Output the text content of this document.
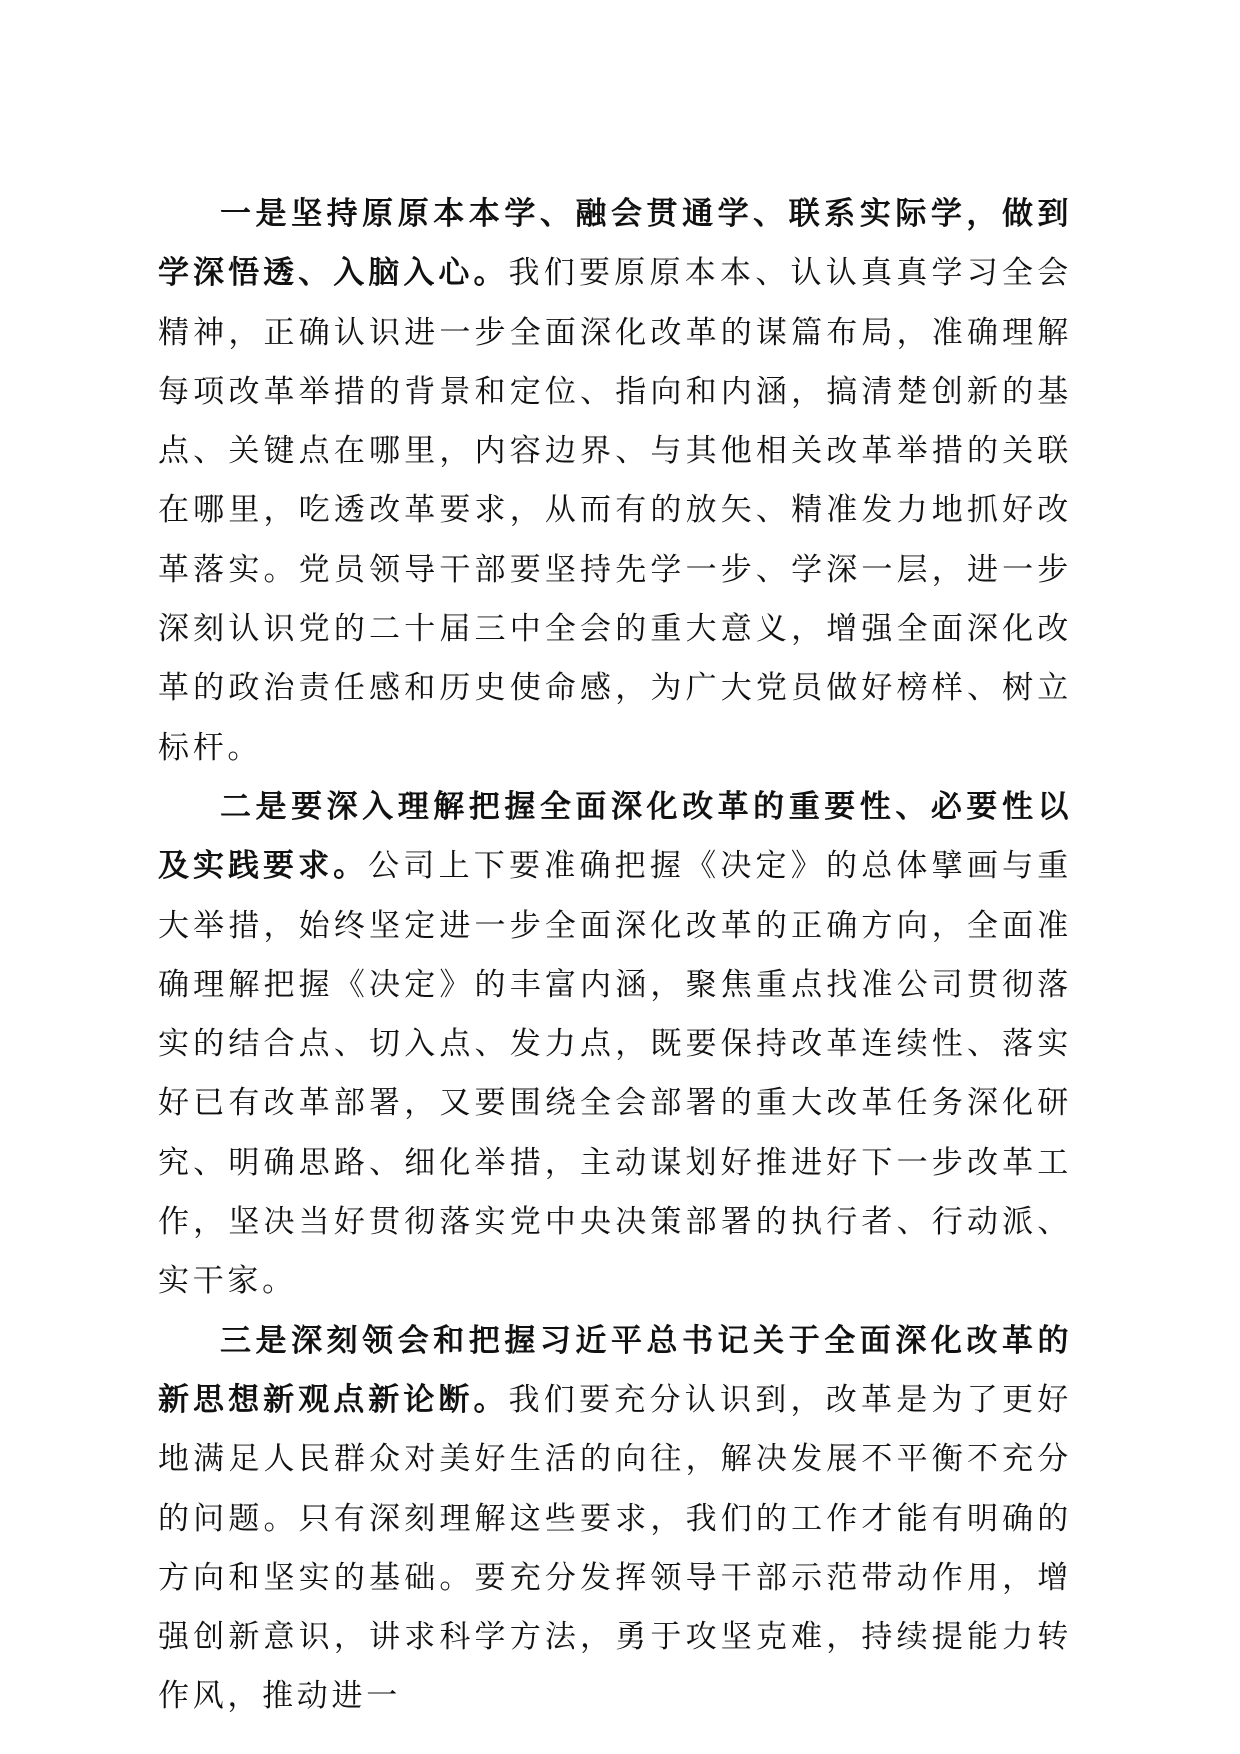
一是坚持原原本本学、融会贯通学、联系实际学，做到学深悟透、入脑入心。我们要原原本本、认认真真学习全会精神，正确认识进一步全面深化改革的谋篇布局，准确理解每项改革举措的背景和定位、指向和内涵，搞清楚创新的基点、关键点在哪里，内容边界、与其他相关改革举措的关联在哪里，吃透改革要求，从而有的放矢、精准发力地抓好改革落实。党员领导干部要坚持先学一步、学深一层，进一步深刻认识党的二十届三中全会的重大意义，增强全面深化改革的政治责任感和历史使命感，为广大党员做好榜样、树立标杆。

二是要深入理解把握全面深化改革的重要性、必要性以及实践要求。公司上下要准确把握《决定》的总体擘画与重大举措，始终坚定进一步全面深化改革的正确方向，全面准确理解把握《决定》的丰富内涵，聚焦重点找准公司贯彻落实的结合点、切入点、发力点，既要保持改革连续性、落实好已有改革部署，又要围绕全会部署的重大改革任务深化研究、明确思路、细化举措，主动谋划好推进好下一步改革工作，坚决当好贯彻落实党中央决策部署的执行者、行动派、实干家。

三是深刻领会和把握习近平总书记关于全面深化改革的新思想新观点新论断。我们要充分认识到，改革是为了更好地满足人民群众对美好生活的向往，解决发展不平衡不充分的问题。只有深刻理解这些要求，我们的工作才能有明确的方向和坚实的基础。要充分发挥领导干部示范带动作用，增强创新意识，讲求科学方法，勇于攻坚克难，持续提能力转作风，推动进一
